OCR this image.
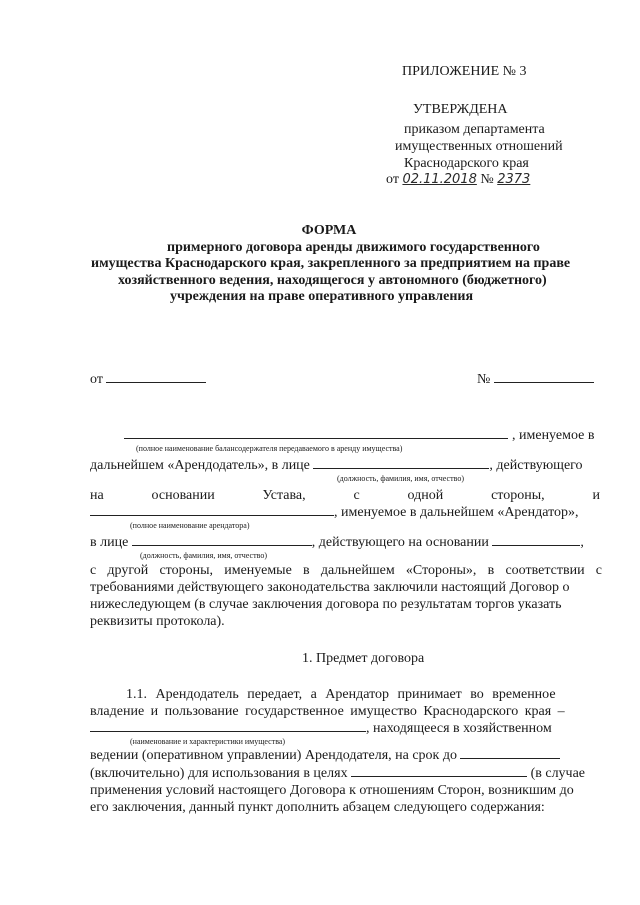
ПРИЛОЖЕНИЕ № 3
УТВЕРЖДЕНА
приказом департамента
имущественных отношений
Краснодарского края
от 02.11.2018 № 2373
ФОРМА
примерного договора аренды движимого государственного
имущества Краснодарского края, закрепленного за предприятием на праве
хозяйственного ведения, находящегося у автономного (бюджетного)
учреждения на праве оперативного управления
от	№
, именуемое в
(полное наименование балансодержателя передаваемого в аренду имущества)
дальнейшем «Арендодатель», в лице	, действующего
(должность, фамилия, имя, отчество)
на	основании	Устава,	с	одной	стороны,	и
, именуемое в дальнейшем «Арендатор»,
(полное наименование арендатора)
в лице	, действующего на основании	,
(должность, фамилия, имя, отчество)
с другой стороны, именуемые в дальнейшем «Стороны», в соответствии с
требованиями действующего законодательства заключили настоящий Договор о
нижеследующем (в случае заключения договора по результатам торгов указать
реквизиты протокола).
1. Предмет договора
1.1. Арендодатель передает, а Арендатор принимает во временное
владение и пользование государственное имущество Краснодарского края –
, находящееся в хозяйственном
(наименование и характеристики имущества)
ведении (оперативном управлении) Арендодателя, на срок до
(включительно) для использования в целях	(в случае
применения условий настоящего Договора к отношениям Сторон, возникшим до
его заключения, данный пункт дополнить абзацем следующего содержания:
